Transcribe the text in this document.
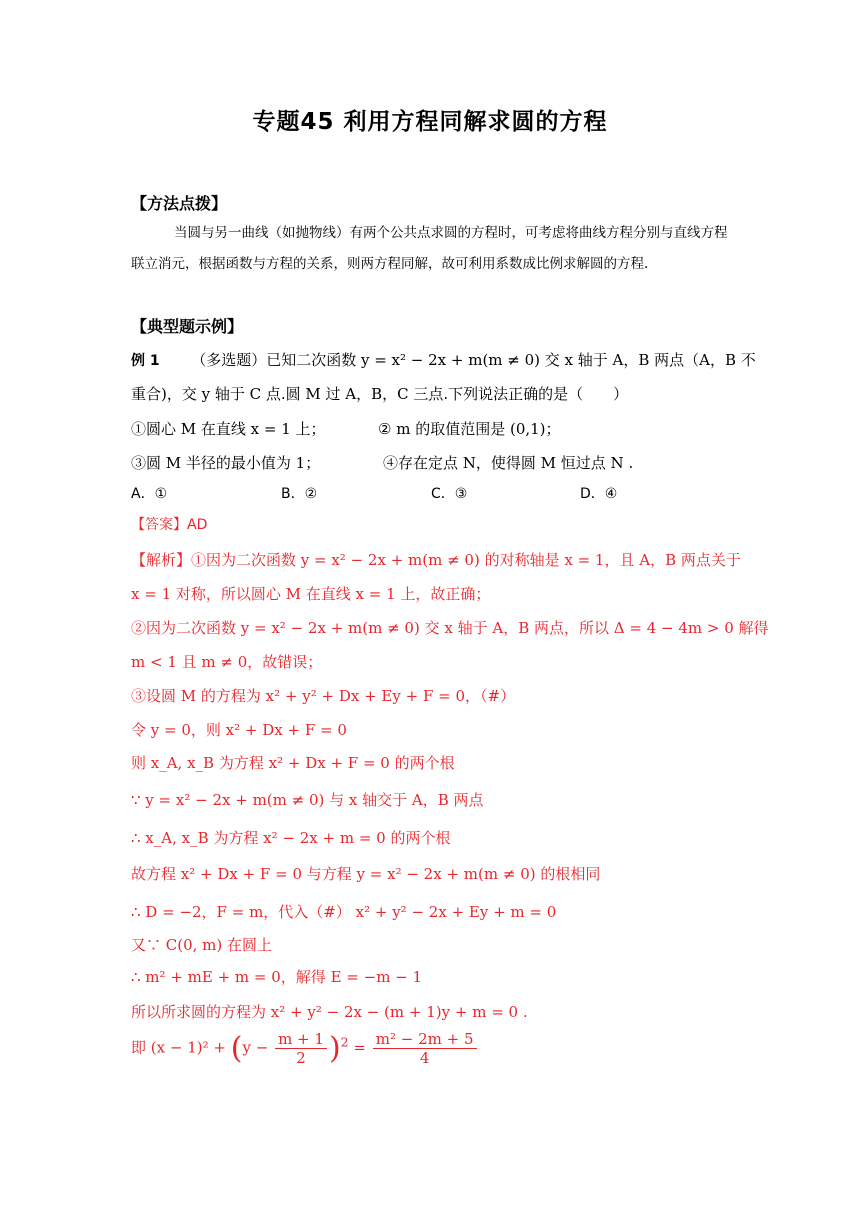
专题45 利用方程同解求圆的方程
【方法点拨】
当圆与另一曲线（如抛物线）有两个公共点求圆的方程时，可考虑将曲线方程分别与直线方程联立消元，根据函数与方程的关系，则两方程同解，故可利用系数成比例求解圆的方程.
【典型题示例】
例 1 （多选题）已知二次函数 y = x² − 2x + m(m ≠ 0) 交 x 轴于 A，B 两点（A，B 不
重合)，交 y 轴于 C 点.圆 M 过 A，B，C 三点.下列说法正确的是（　　）
①圆心 M 在直线 x = 1 上；	② m 的取值范围是 (0,1)；
③圆 M 半径的最小值为 1；	④存在定点 N，使得圆 M 恒过点 N .
A．①	B．②	C．③	D．④
【答案】AD
【解析】①因为二次函数 y = x² − 2x + m(m ≠ 0) 的对称轴是 x = 1，且 A，B 两点关于
x = 1 对称，所以圆心 M 在直线 x = 1 上，故正确；
②因为二次函数 y = x² − 2x + m(m ≠ 0) 交 x 轴于 A，B 两点，所以 Δ = 4 − 4m > 0 解得
m < 1 且 m ≠ 0，故错误；
③设圆 M 的方程为 x² + y² + Dx + Ey + F = 0，（#）
令 y = 0，则 x² + Dx + F = 0
则 x_A, x_B 为方程 x² + Dx + F = 0 的两个根
∵ y = x² − 2x + m(m ≠ 0) 与 x 轴交于 A，B 两点
∴ x_A, x_B 为方程 x² − 2x + m = 0 的两个根
故方程 x² + Dx + F = 0 与方程 y = x² − 2x + m(m ≠ 0) 的根相同
∴ D = −2，F = m，代入（#） x² + y² − 2x + Ey + m = 0
又∵ C(0, m) 在圆上
∴ m² + mE + m = 0，解得 E = −m − 1
所以所求圆的方程为 x² + y² − 2x − (m + 1)y + m = 0 .
即 $(x - 1)^2 + (y - \frac{m + 1}{2} )^2 = \frac{\text{m² − 2m + 5}}{4}$
